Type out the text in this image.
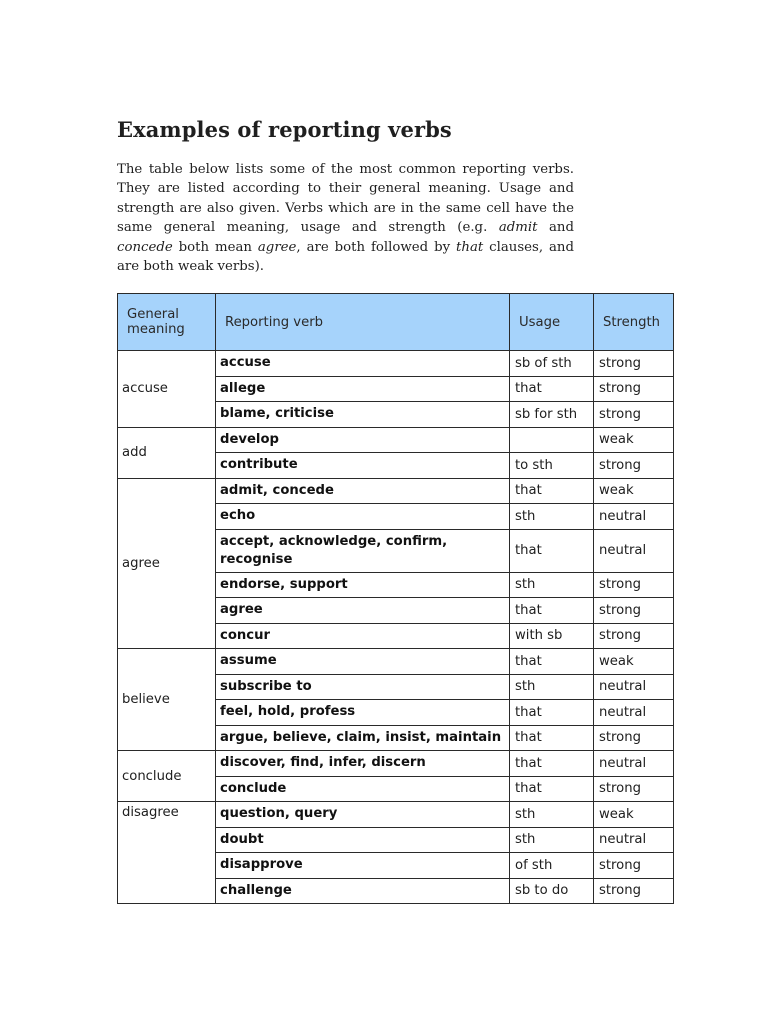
Examples of reporting verbs

The table below lists some of the most common reporting verbs. They are listed according to their general meaning. Usage and strength are also given. Verbs which are in the same cell have the same general meaning, usage and strength (e.g. admit and concede both mean agree, are both followed by that clauses, and are both weak verbs).

General meaning	Reporting verb	Usage	Strength
accuse	accuse	sb of sth	strong
	allege	that	strong
	blame, criticise	sb for sth	strong
add	develop		weak
	contribute	to sth	strong
agree	admit, concede	that	weak
	echo	sth	neutral
	accept, acknowledge, confirm, recognise	that	neutral
	endorse, support	sth	strong
	agree	that	strong
	concur	with sb	strong
believe	assume	that	weak
	subscribe to	sth	neutral
	feel, hold, profess	that	neutral
	argue, believe, claim, insist, maintain	that	strong
conclude	discover, find, infer, discern	that	neutral
	conclude	that	strong
disagree	question, query	sth	weak
	doubt	sth	neutral
	disapprove	of sth	strong
	challenge	sb to do	strong
